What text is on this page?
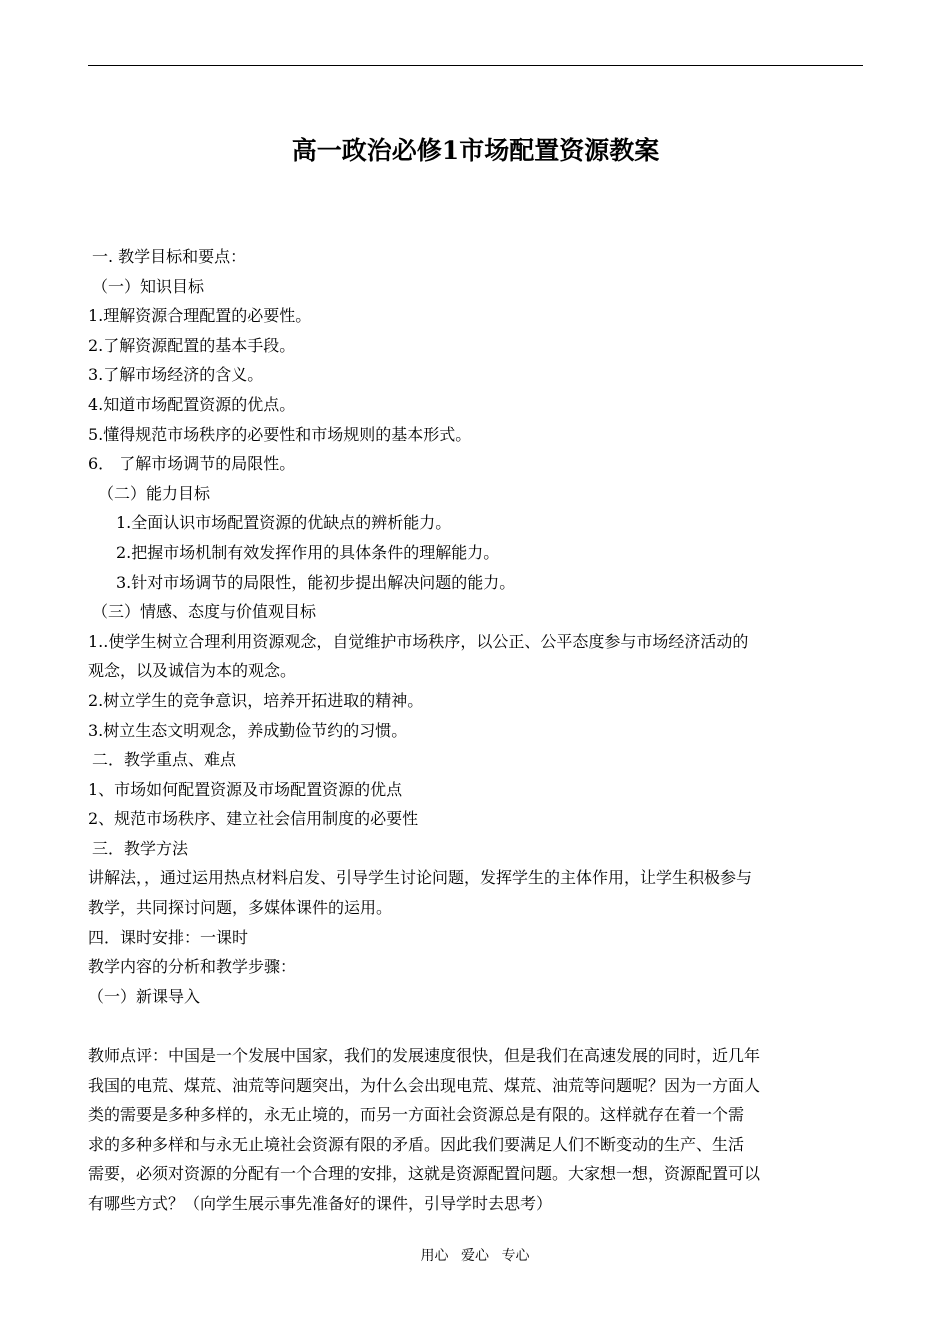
高一政治必修1市场配置资源教案
一. 教学目标和要点：
（一）知识目标
1.理解资源合理配置的必要性。
2.了解资源配置的基本手段。
3.了解市场经济的含义。
4.知道市场配置资源的优点。
5.懂得规范市场秩序的必要性和市场规则的基本形式。
6． 了解市场调节的局限性。
（二）能力目标
1.全面认识市场配置资源的优缺点的辨析能力。
2.把握市场机制有效发挥作用的具体条件的理解能力。
3.针对市场调节的局限性，能初步提出解决问题的能力。
（三）情感、态度与价值观目标
1..使学生树立合理利用资源观念，自觉维护市场秩序，以公正、公平态度参与市场经济活动的
观念，以及诚信为本的观念。
2.树立学生的竞争意识，培养开拓进取的精神。
3.树立生态文明观念，养成勤俭节约的习惯。
二．教学重点、难点
1、市场如何配置资源及市场配置资源的优点
2、规范市场秩序、建立社会信用制度的必要性
三．教学方法
讲解法，，通过运用热点材料启发、引导学生讨论问题，发挥学生的主体作用，让学生积极参与
教学，共同探讨问题，多媒体课件的运用。
四．课时安排：一课时
教学内容的分析和教学步骤：
（一）新课导入
教师点评：中国是一个发展中国家，我们的发展速度很快，但是我们在高速发展的同时，近几年
我国的电荒、煤荒、油荒等问题突出，为什么会出现电荒、煤荒、油荒等问题呢？因为一方面人
类的需要是多种多样的，永无止境的，而另一方面社会资源总是有限的。这样就存在着一个需
求的多种多样和与永无止境社会资源有限的矛盾。因此我们要满足人们不断变动的生产、生活
需要，必须对资源的分配有一个合理的安排，这就是资源配置问题。大家想一想，资源配置可以
有哪些方式？（向学生展示事先准备好的课件，引导学时去思考）
用心 爱心 专心
